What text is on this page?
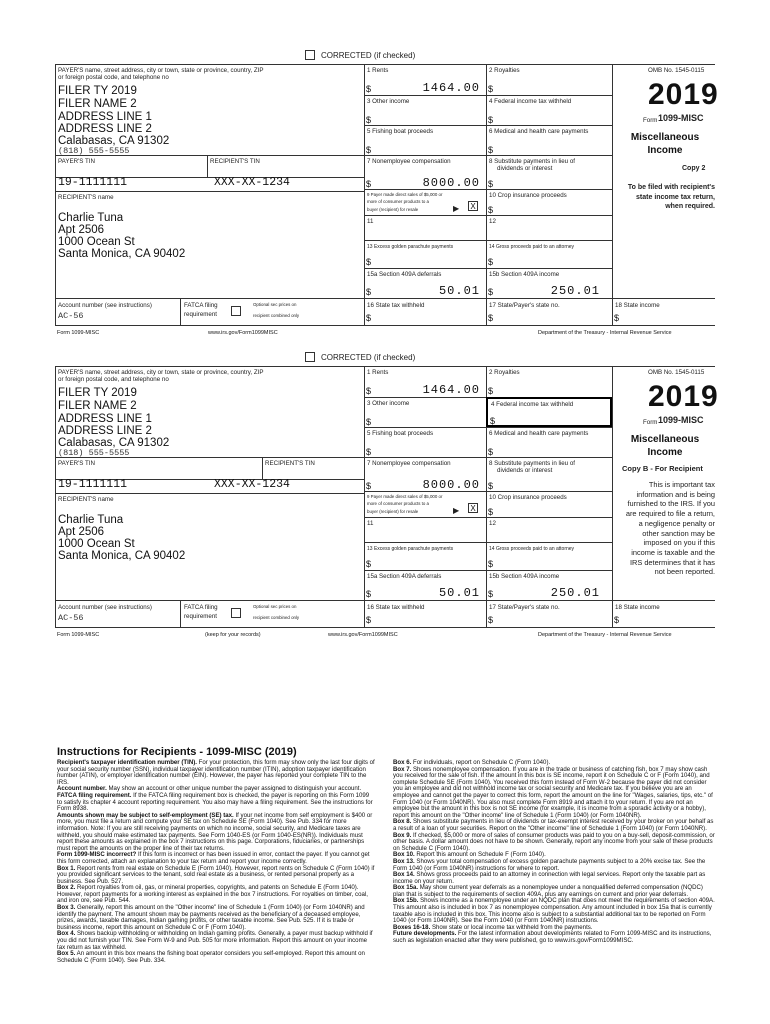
CORRECTED (if checked)
PAYER'S name, street address, city or town, state or province, country, ZIP
or foreign postal code, and telephone no
FILER TY 2019
FILER NAME 2
ADDRESS LINE 1
ADDRESS LINE 2
Calabasas, CA 91302
(818) 555-5555
PAYER'S TIN	RECIPIENT'S TIN
19-1111111	XXX-XX-1234
RECIPIENT'S name
Charlie Tuna
Apt 2506
1000 Ocean St
Santa Monica, CA 90402
Account number (see instructions)
AC-56
FATCA filing
requirement
Optional sec prices on
recipient combined only
1 Rents
$	1464.00
3 Other income
$
5 Fishing boat proceeds
$
7 Nonemployee compensation
$	8000.00
9 Payer made direct sales of $5,000 or
more of consumer products to a
buyer (recipient) for resale	▶ X
11
13 Excess golden parachute payments
$
15a Section 409A deferrals
$	50.01
16 State tax withheld
$
2 Royalties
$
4 Federal income tax withheld
$
6 Medical and health care payments
$
8 Substitute payments in lieu of
dividends or interest
$
10 Crop insurance proceeds
$
12
14 Gross proceeds paid to an attorney
$
15b Section 409A income
$	250.01
17 State/Payer's state no.
$
18 State income
$
OMB No. 1545-0115
2019
Form 1099-MISC
Miscellaneous
Income
Copy 2
To be filed with recipient's state income tax return, when required.
Form 1099-MISC	www.irs.gov/Form1099MISC	Department of the Treasury - Internal Revenue Service
CORRECTED (if checked)
PAYER'S name, street address, city or town, state or province, country, ZIP
or foreign postal code, and telephone no
FILER TY 2019
FILER NAME 2
ADDRESS LINE 1
ADDRESS LINE 2
Calabasas, CA 91302
(818) 555-5555
PAYER'S TIN	RECIPIENT'S TIN
19-1111111	XXX-XX-1234
RECIPIENT'S name
Charlie Tuna
Apt 2506
1000 Ocean St
Santa Monica, CA 90402
Account number (see instructions)
AC-56
FATCA filing
requirement
Optional sec prices on
recipient combined only
1 Rents
$	1464.00
3 Other income
$
5 Fishing boat proceeds
$
7 Nonemployee compensation
$	8000.00
9 Payer made direct sales of $5,000 or
more of consumer products to a
buyer (recipient) for resale	▶ X
11
13 Excess golden parachute payments
$
15a Section 409A deferrals
$	50.01
16 State tax withheld
$
2 Royalties
$
4 Federal income tax withheld
$
6 Medical and health care payments
$
8 Substitute payments in lieu of
dividends or interest
$
10 Crop insurance proceeds
$
12
14 Gross proceeds paid to an attorney
$
15b Section 409A income
$	250.01
17 State/Payer's state no.
$
18 State income
$
OMB No. 1545-0115
2019
Form 1099-MISC
Miscellaneous
Income
Copy B - For Recipient
This is important tax information and is being furnished to the IRS. If you are required to file a return, a negligence penalty or other sanction may be imposed on you if this income is taxable and the IRS determines that it has not been reported.
Form 1099-MISC	(keep for your records)	www.irs.gov/Form1099MISC	Department of the Treasury - Internal Revenue Service
Instructions for Recipients - 1099-MISC (2019)

Recipient's taxpayer identification number (TIN). For your protection, this form may show only the last four digits of your social security number (SSN), individual taxpayer identification number (ITIN), adoption taxpayer identification number (ATIN), or employer identification number (EIN). However, the payer has reported your complete TIN to the IRS.

Account number. May show an account or other unique number the payer assigned to distinguish your account.

FATCA filing requirement. If the FATCA filing requirement box is checked, the payer is reporting on this Form 1099 to satisfy its chapter 4 account reporting requirement. You also may have a filing requirement. See the instructions for Form 8938.

Amounts shown may be subject to self-employment (SE) tax. If your net income from self employment is $400 or more, you must file a return and compute your SE tax on Schedule SE (Form 1040). See Pub. 334 for more information. Note: If you are still receiving payments on which no income, social security, and Medicare taxes are withheld, you should make estimated tax payments. See Form 1040-ES (or Form 1040-ES(NR)). Individuals must report these amounts as explained in the box 7 instructions on this page. Corporations, fiduciaries, or partnerships must report the amounts on the proper line of their tax returns.

Form 1099-MISC incorrect? If this form is incorrect or has been issued in error, contact the payer. If you cannot get this form corrected, attach an explanation to your tax return and report your income correctly.

Box 1. Report rents from real estate on Schedule E (Form 1040). However, report rents on Schedule C (Form 1040) if you provided significant services to the tenant, sold real estate as a business, or rented personal property as a business. See Pub. 527.

Box 2. Report royalties from oil, gas, or mineral properties, copyrights, and patents on Schedule E (Form 1040). However, report payments for a working interest as explained in the box 7 instructions. For royalties on timber, coal, and iron ore, see Pub. 544.

Box 3. Generally, report this amount on the "Other income" line of Schedule 1 (Form 1040) (or Form 1040NR) and identify the payment. The amount shown may be payments received as the beneficiary of a deceased employee, prizes, awards, taxable damages, Indian gaming profits, or other taxable income. See Pub. 525. If it is trade or business income, report this amount on Schedule C or F (Form 1040).

Box 4. Shows backup withholding or withholding on Indian gaming profits. Generally, a payer must backup withhold if you did not furnish your TIN. See Form W-9 and Pub. 505 for more information. Report this amount on your income tax return as tax withheld.

Box 5. An amount in this box means the fishing boat operator considers you self-employed. Report this amount on Schedule C (Form 1040). See Pub. 334.

Box 6. For individuals, report on Schedule C (Form 1040).

Box 7. Shows nonemployee compensation. If you are in the trade or business of catching fish, box 7 may show cash you received for the sale of fish. If the amount in this box is SE income, report it on Schedule C or F (Form 1040), and complete Schedule SE (Form 1040). You received this form instead of Form W-2 because the payer did not consider you an employee and did not withhold income tax or social security and Medicare tax. If you believe you are an employee and cannot get the payer to correct this form, report the amount on the line for "Wages, salaries, tips, etc." of Form 1040 (or Form 1040NR). You also must complete Form 8919 and attach it to your return. If you are not an employee but the amount in this box is not SE income (for example, it is income from a sporadic activity or a hobby), report this amount on the "Other income" line of Schedule 1 (Form 1040) (or Form 1040NR).

Box 8. Shows substitute payments in lieu of dividends or tax-exempt interest received by your broker on your behalf as a result of a loan of your securities. Report on the "Other income" line of Schedule 1 (Form 1040) (or Form 1040NR).

Box 9. If checked, $5,000 or more of sales of consumer products was paid to you on a buy-sell, deposit-commission, or other basis. A dollar amount does not have to be shown. Generally, report any income from your sale of these products on Schedule C (Form 1040).

Box 10. Report this amount on Schedule F (Form 1040).

Box 13. Shows your total compensation of excess golden parachute payments subject to a 20% excise tax. See the Form 1040 (or Form 1040NR) instructions for where to report.

Box 14. Shows gross proceeds paid to an attorney in connection with legal services. Report only the taxable part as income on your return.

Box 15a. May show current year deferrals as a nonemployee under a nonqualified deferred compensation (NQDC) plan that is subject to the requirements of section 409A, plus any earnings on current and prior year deferrals.

Box 15b. Shows income as a nonemployee under an NQDC plan that does not meet the requirements of section 409A. This amount also is included in box 7 as nonemployee compensation. Any amount included in box 15a that is currently taxable also is included in this box. This income also is subject to a substantial additional tax to be reported on Form 1040 (or Form 1040NR). See the Form 1040 (or Form 1040NR) instructions.

Boxes 16-18. Show state or local income tax withheld from the payments.

Future developments. For the latest information about developments related to Form 1099-MISC and its instructions, such as legislation enacted after they were published, go to www.irs.gov/Form1099MISC.
